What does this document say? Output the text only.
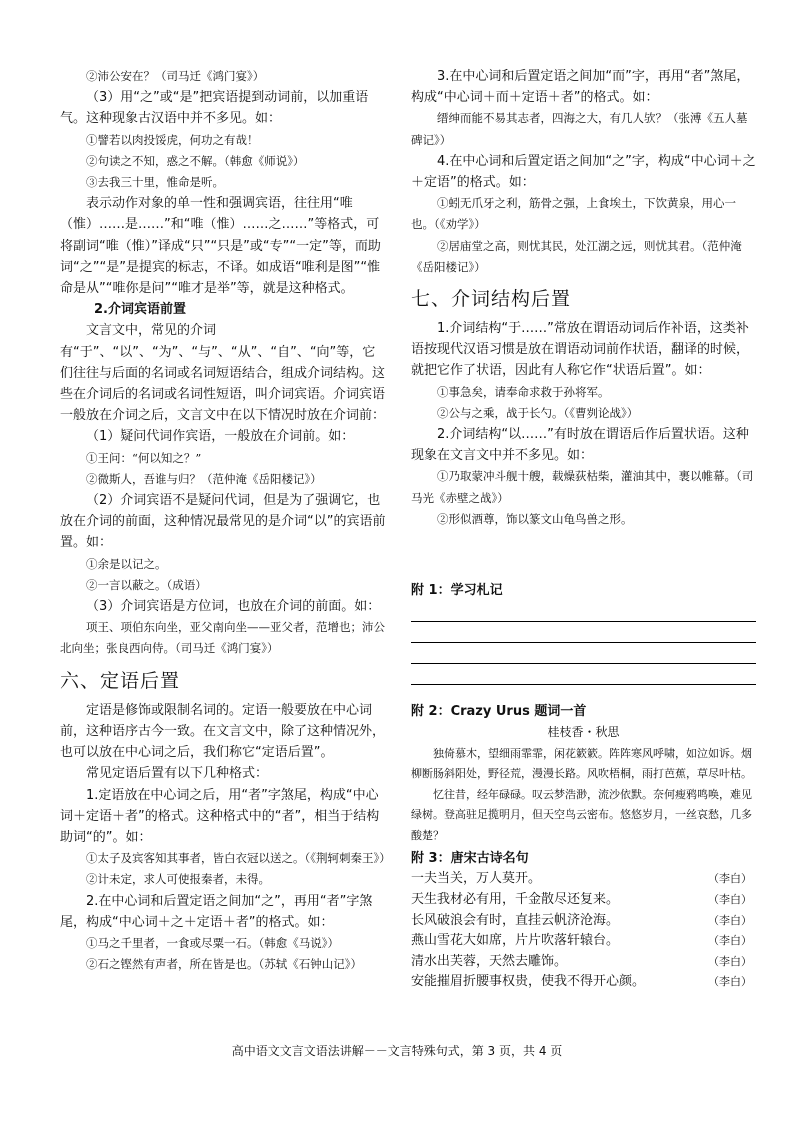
②沛公安在？（司马迁《鸿门宴》）

（3）用“之”或“是”把宾语提到动词前，以加重语气。这种现象古汉语中并不多见。如：

①譬若以肉投馁虎，何功之有哉！

②句读之不知，惑之不解。（韩愈《师说》）

③去我三十里，惟命是听。

表示动作对象的单一性和强调宾语，往往用“唯（惟）……是……”和“唯（惟）……之……”等格式，可将副词“唯（惟）”译成“只”“只是”或“专”“一定”等，而助词“之”“是”是提宾的标志，不译。如成语“唯利是图”“惟命是从”“唯你是问”“唯才是举”等，就是这种格式。

2.介词宾语前置

文言文中，常见的介词有“于”、“以”、“为”、“与”、“从”、“自”、“向”等，它们往往与后面的名词或名词短语结合，组成介词结构。这些在介词后的名词或名词性短语，叫介词宾语。介词宾语一般放在介词之后，文言文中在以下情况时放在介词前：

（1）疑问代词作宾语，一般放在介词前。如：

①王问：“何以知之？”

②微斯人，吾谁与归？（范仲淹《岳阳楼记》）

（2）介词宾语不是疑问代词，但是为了强调它，也放在介词的前面，这种情况最常见的是介词“以”的宾语前置。如：

①余是以记之。

②一言以蔽之。（成语）

（3）介词宾语是方位词，也放在介词的前面。如：

项王、项伯东向坐，亚父南向坐——亚父者，范增也；沛公北向坐；张良西向侍。（司马迁《鸿门宴》）

六、定语后置

定语是修饰或限制名词的。定语一般要放在中心词前，这种语序古今一致。在文言文中，除了这种情况外，也可以放在中心词之后，我们称它“定语后置”。

常见定语后置有以下几种格式：

1.定语放在中心词之后，用“者”字煞尾，构成“中心词＋定语＋者”的格式。这种格式中的“者”，相当于结构助词“的”。如：

①太子及宾客知其事者，皆白衣冠以送之。（《荆轲刺秦王》）

②计未定，求人可使报秦者，未得。

2.在中心词和后置定语之间加“之”，再用“者”字煞尾，构成“中心词＋之＋定语＋者”的格式。如：

①马之千里者，一食或尽粟一石。（韩愈《马说》）

②石之铿然有声者，所在皆是也。（苏轼《石钟山记》）

3.在中心词和后置定语之间加“而”字，再用“者”煞尾，构成“中心词＋而＋定语＋者”的格式。如：

缙绅而能不易其志者，四海之大，有几人欤？（张溥《五人墓碑记》）

4.在中心词和后置定语之间加“之”字，构成“中心词＋之＋定语”的格式。如：

①蚓无爪牙之利，筋骨之强，上食埃土，下饮黄泉，用心一也。（《劝学》）

②居庙堂之高，则忧其民，处江湖之远，则忧其君。（范仲淹《岳阳楼记》）

七、介词结构后置

1.介词结构“于……”常放在谓语动词后作补语，这类补语按现代汉语习惯是放在谓语动词前作状语，翻译的时候，就把它作了状语，因此有人称它作“状语后置”。如：

①事急矣，请奉命求救于孙将军。

②公与之乘，战于长勺。（《曹刿论战》）

2.介词结构“以……”有时放在谓语后作后置状语。这种现象在文言文中并不多见。如：

①乃取蒙冲斗舰十艘，载燥荻枯柴，灌油其中，裹以帷幕。（司马光《赤壁之战》）

②形似酒尊，饰以篆文山龟鸟兽之形。

附 1：学习札记

附 2：Crazy Urus 题词一首

桂枝香・秋思

独倚慕木，望细雨霏霏，闲花簌簌。阵阵寒风呼啸，如泣如诉。烟柳断肠斜阳处，野径荒，漫漫长路。风吹梧桐，雨打芭蕉，草尽叶枯。

忆往昔，经年碌碌。叹云梦浩渺，流沙依默。奈何瘦鸦鸣唤，难见绿树。登高驻足揽明月，但天空鸟云密布。悠悠岁月，一丝哀愁，几多酸楚？

附 3：唐宋古诗名句

一夫当关，万人莫开。	（李白）
天生我材必有用，千金散尽还复来。	（李白）
长风破浪会有时，直挂云帆济沧海。	（李白）
燕山雪花大如席，片片吹落轩辕台。	（李白）
清水出芙蓉，天然去雕饰。	（李白）
安能摧眉折腰事权贵，使我不得开心颜。	（李白）
高中语文文言文语法讲解－－文言特殊句式，第 3 页，共 4 页
